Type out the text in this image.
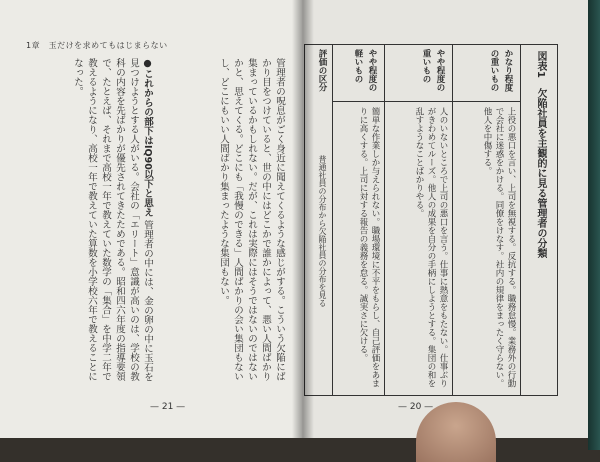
1章　玉だけを求めてもはじまらない
管理者の呪息がごく身近に聞えてくるような感じがする。こういう欠陥にばかり目をつけていると、世の中にはどこかで誰かによって、悪い人間ばかり集まっているかもしれない。だが、これは実際にはそうではないのではないかと、思えてくる。どこにも「我慢のできる」人間ばかりの会い集団もないし、どこにもいい人間ばかり集まったような集団もない。
●これからの部下はIQ90以下と思え 管理者の中には、金の卵の中に玉石を見つけようとする人がいる。会社の「エリート」意識が高いのは、学校の教科の内容を先ばかりが優先されてきたためである。昭和四六年度の指導要領で、たとえば、それまで高校一年で教えていた数学の「集合」を中学二年で教えるようになり、高校一年で教えていた算数を小学校六年で教えることになった。
— 21 —
図表1　欠陥社員を主観的に見る管理者の分類
かなり程度の重いもの
上役の悪口を言い、上司を無視する。反抗する。職務怠慢。業務外の行動で会社に迷惑をかける。同僚をけなす。社内の規律をまったく守らない。他人を中傷する。
やや程度の重いもの
人のいないところで上司の悪口を言う。仕事に熱意をもたない。仕事ぶりがきわめてルーズ。他人の成果を自分の手柄にしようとする。集団の和を乱すようなことばかりやる。
やや程度の軽いもの
簡単な作業しか与えられない。職場環境に不平をもらし、自己評価をあまりに高くする。上司に対する報告の義務を怠る。誠実さに欠ける。
評価の区分
普通社員の分布から欠陥社員の分布を見る
— 20 —
